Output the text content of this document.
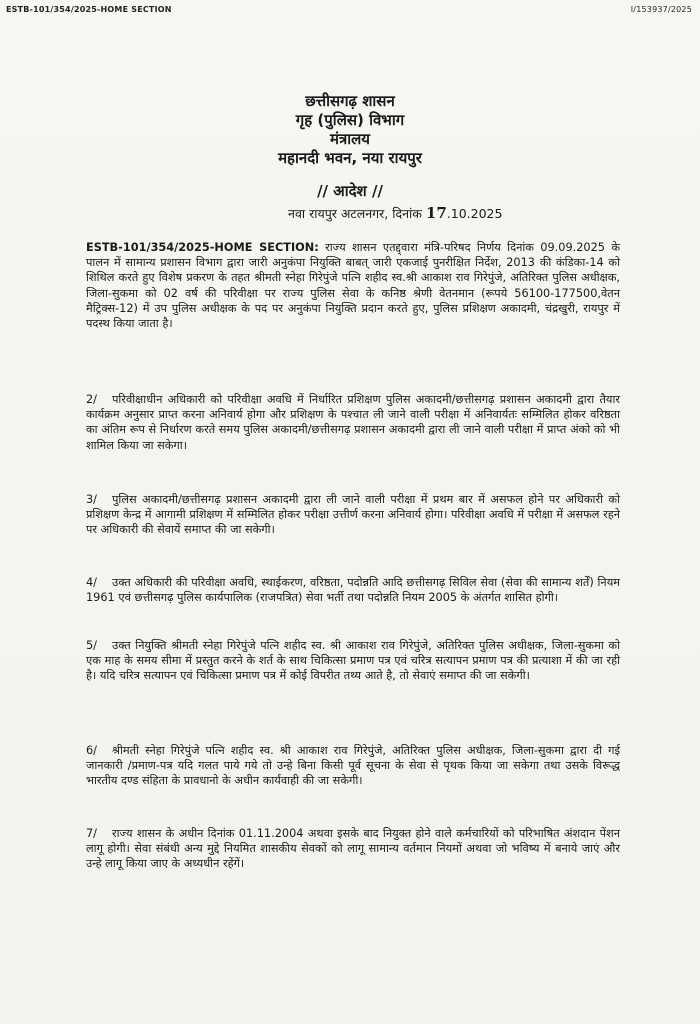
ESTB-101/354/2025-HOME SECTION	I/153937/2025
छत्तीसगढ़ शासन
गृह (पुलिस) विभाग
मंत्रालय
महानदी भवन, नया रायपुर
// आदेश //
नवा रायपुर अटलनगर, दिनांक 17.10.2025

ESTB-101/354/2025-HOME SECTION: राज्य शासन एतद्द्वारा मंत्रि-परिषद निर्णय दिनांक 09.09.2025 के पालन में सामान्य प्रशासन विभाग द्वारा जारी अनुकंपा नियुक्ति बाबत् जारी एकजाई पुनरीक्षित निर्देश, 2013 की कंडिका-14 को शिथिल करते हुए विशेष प्रकरण के तहत श्रीमती स्नेहा गिरेपुंजे पत्नि शहीद स्व.श्री आकाश राव गिरेपुंजे, अतिरिक्त पुलिस अधीक्षक, जिला-सुकमा को 02 वर्ष की परिवीक्षा पर राज्य पुलिस सेवा के कनिष्ठ श्रेणी वेतनमान (रूपये 56100-177500,वेतन मैट्रिक्स-12) में उप पुलिस अधीक्षक के पद पर अनुकंपा नियुक्ति प्रदान करते हुए, पुलिस प्रशिक्षण अकादमी, चंद्रखुरी, रायपुर में पदस्थ किया जाता है।

2/ परिवीक्षाधीन अधिकारी को परिवीक्षा अवधि में निर्धारित प्रशिक्षण पुलिस अकादमी/छत्तीसगढ़ प्रशासन अकादमी द्वारा तैयार कार्यक्रम अनुसार प्राप्त करना अनिवार्य होगा और प्रशिक्षण के पश्चात ली जाने वाली परीक्षा में अनिवार्यतः सम्मिलित होकर वरिष्ठता का अंतिम रूप से निर्धारण करते समय पुलिस अकादमी/छत्तीसगढ़ प्रशासन अकादमी द्वारा ली जाने वाली परीक्षा में प्राप्त अंको को भी शामिल किया जा सकेगा।

3/ पुलिस अकादमी/छत्तीसगढ़ प्रशासन अकादमी द्वारा ली जाने वाली परीक्षा में प्रथम बार में असफल होने पर अधिकारी को प्रशिक्षण केन्द्र में आगामी प्रशिक्षण में सम्मिलित होकर परीक्षा उत्तीर्ण करना अनिवार्य होगा। परिवीक्षा अवधि में परीक्षा में असफल रहने पर अधिकारी की सेवायें समाप्त की जा सकेगी।

4/ उक्त अधिकारी की परिवीक्षा अवधि, स्थाईकरण, वरिष्ठता, पदोन्नति आदि छत्तीसगढ़ सिविल सेवा (सेवा की सामान्य शर्तें) नियम 1961 एवं छत्तीसगढ़ पुलिस कार्यपालिक (राजपत्रित) सेवा भर्ती तथा पदोन्नति नियम 2005 के अंतर्गत शासित होगी।

5/ उक्त नियुक्ति श्रीमती स्नेहा गिरेपुंजे पत्नि शहीद स्व. श्री आकाश राव गिरेपुंजे, अतिरिक्त पुलिस अधीक्षक, जिला-सुकमा को एक माह के समय सीमा में प्रस्तुत करने के शर्त के साथ चिकित्सा प्रमाण पत्र एवं चरित्र सत्यापन प्रमाण पत्र की प्रत्याशा में की जा रही है। यदि चरित्र सत्यापन एवं चिकित्सा प्रमाण पत्र में कोई विपरीत तथ्य आते है, तो सेवाएं समाप्त की जा सकेगी।

6/ श्रीमती स्नेहा गिरेपुंजे पत्नि शहीद स्व. श्री आकाश राव गिरेपुंजे, अतिरिक्त पुलिस अधीक्षक, जिला-सुकमा द्वारा दी गई जानकारी /प्रमाण-पत्र यदि गलत पाये गये तो उन्हे बिना किसी पूर्व सूचना के सेवा से पृथक किया जा सकेगा तथा उसके विरूद्ध भारतीय दण्ड संहिता के प्रावधानो के अधीन कार्यवाही की जा सकेगी।

7/ राज्य शासन के अधीन दिनांक 01.11.2004 अथवा इसके बाद नियुक्त होने वाले कर्मचारियों को परिभाषित अंशदान पेंशन लागू होगी। सेवा संबंधी अन्य मुद्दे नियमित शासकीय सेवकों को लागू सामान्य वर्तमान नियमों अथवा जो भविष्य में बनाये जाएं और उन्हे लागू किया जाए के अध्यधीन रहेंगें।
